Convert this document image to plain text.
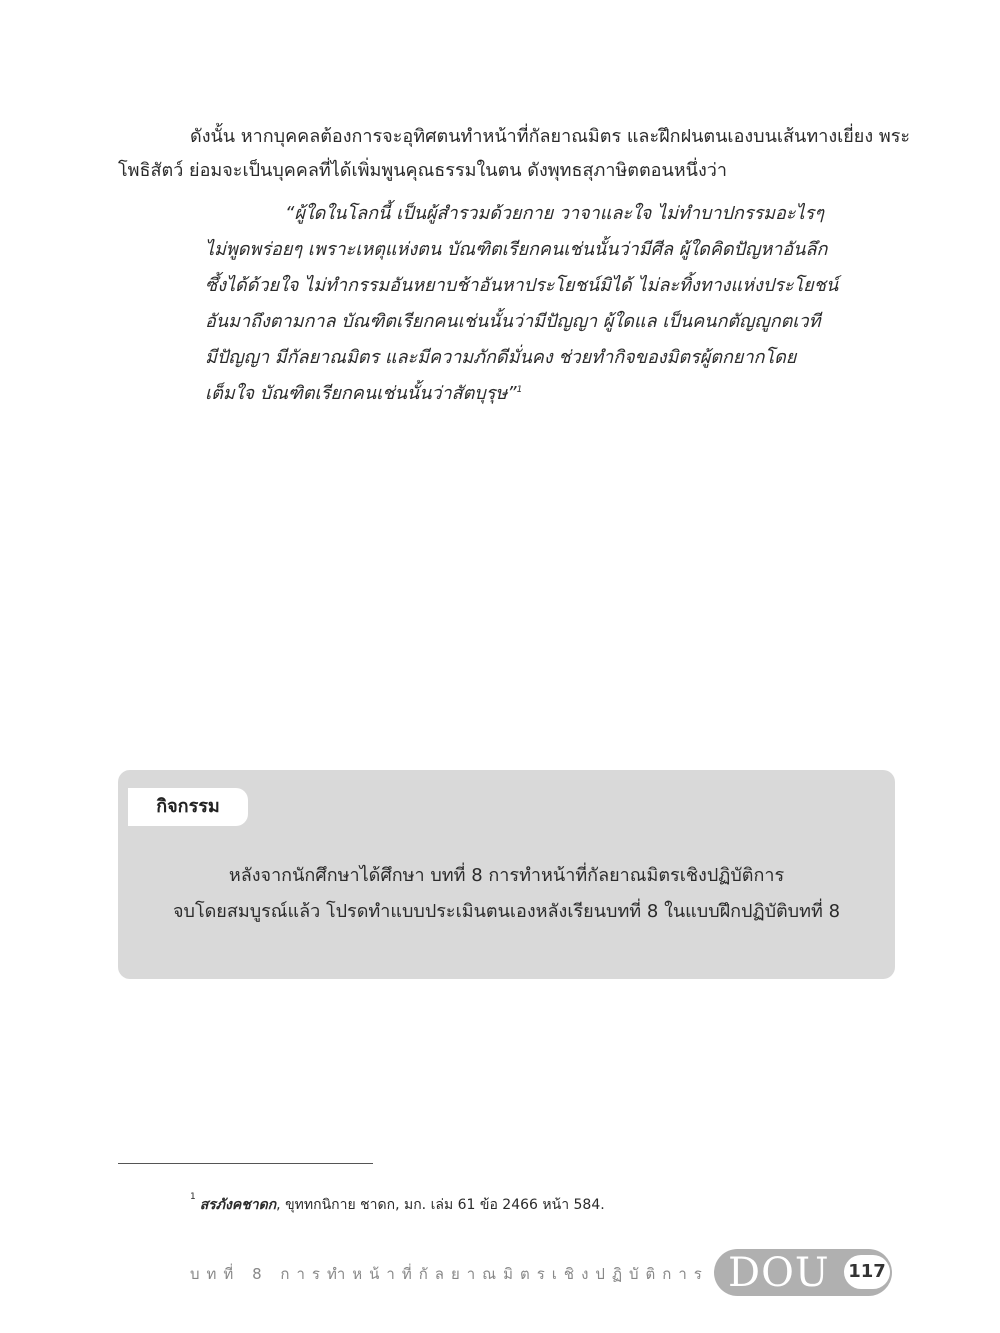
ดังนั้น หากบุคคลต้องการจะอุทิศตนทำหน้าที่กัลยาณมิตร และฝึกฝนตนเองบนเส้นทางเยี่ยง พระ
โพธิสัตว์ ย่อมจะเป็นบุคคลที่ได้เพิ่มพูนคุณธรรมในตน ดังพุทธสุภาษิตตอนหนึ่งว่า

“ผู้ใดในโลกนี้ เป็นผู้สำรวมด้วยกาย วาจาและใจ ไม่ทำบาปกรรมอะไรๆ
ไม่พูดพร่อยๆ เพราะเหตุแห่งตน บัณฑิตเรียกคนเช่นนั้นว่ามีศีล ผู้ใดคิดปัญหาอันลึก
ซึ้งได้ด้วยใจ ไม่ทำกรรมอันหยาบช้าอันหาประโยชน์มิได้ ไม่ละทิ้งทางแห่งประโยชน์
อันมาถึงตามกาล บัณฑิตเรียกคนเช่นนั้นว่ามีปัญญา ผู้ใดแล เป็นคนกตัญญูกตเวที
มีปัญญา มีกัลยาณมิตร และมีความภักดีมั่นคง ช่วยทำกิจของมิตรผู้ตกยากโดย
เต็มใจ บัณฑิตเรียกคนเช่นนั้นว่าสัตบุรุษ”$^1$
กิจกรรม

หลังจากนักศึกษาได้ศึกษา บทที่ 8 การทำหน้าที่กัลยาณมิตรเชิงปฏิบัติการ
จบโดยสมบูรณ์แล้ว โปรดทำแบบประเมินตนเองหลังเรียนบทที่ 8 ในแบบฝึกปฏิบัติบทที่ 8

$^1$ สรภังคชาดก, ขุททกนิกาย ชาดก, มก. เล่ม 61 ข้อ 2466 หน้า 584.

บทที่ 8 การทำหน้าที่กัลยาณมิตรเชิงปฏิบัติการ DOU 117
